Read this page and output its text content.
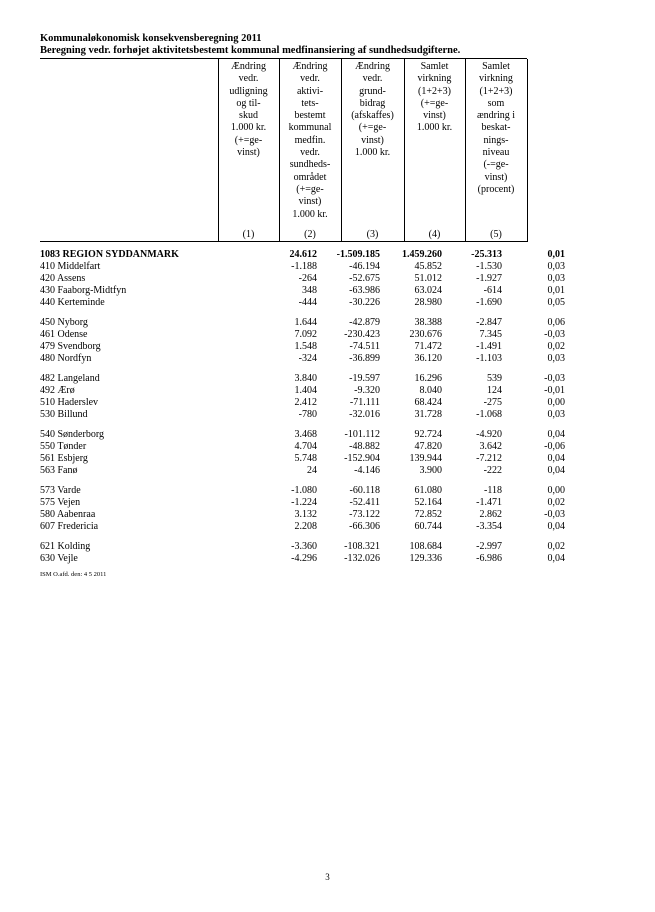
Kommunaløkonomisk konsekvensberegning 2011
Beregning vedr. forhøjet aktivitetsbestemt kommunal medfinansiering af sundhedsudgifterne.
Ændring
vedr.
udligning
og til-
skud
1.000 kr.
(+=ge-
vinst)
Ændring
vedr.
aktivi-
tets-
bestemt
kommunal
medfin.
vedr.
sundheds-
området
(+=ge-
vinst)
1.000 kr.
Ændring
vedr.
grund-
bidrag
(afskaffes)
(+=ge-
vinst)
1.000 kr.
Samlet
virkning
(1+2+3)
(+=ge-
vinst)
1.000 kr.
Samlet
virkning
(1+2+3)
som
ændring i
beskat-
nings-
niveau
(-=ge-
vinst)
(procent)
(1)	(2)	(3)	(4)	(5)
1083 REGION SYDDANMARK	24.612	-1.509.185	1.459.260	-25.313	0,01
410 Middelfart	-1.188	-46.194	45.852	-1.530	0,03
420 Assens	-264	-52.675	51.012	-1.927	0,03
430 Faaborg-Midtfyn	348	-63.986	63.024	-614	0,01
440 Kerteminde	-444	-30.226	28.980	-1.690	0,05

450 Nyborg	1.644	-42.879	38.388	-2.847	0,06
461 Odense	7.092	-230.423	230.676	7.345	-0,03
479 Svendborg	1.548	-74.511	71.472	-1.491	0,02
480 Nordfyn	-324	-36.899	36.120	-1.103	0,03

482 Langeland	3.840	-19.597	16.296	539	-0,03
492 Ærø	1.404	-9.320	8.040	124	-0,01
510 Haderslev	2.412	-71.111	68.424	-275	0,00
530 Billund	-780	-32.016	31.728	-1.068	0,03

540 Sønderborg	3.468	-101.112	92.724	-4.920	0,04
550 Tønder	4.704	-48.882	47.820	3.642	-0,06
561 Esbjerg	5.748	-152.904	139.944	-7.212	0,04
563 Fanø	24	-4.146	3.900	-222	0,04

573 Varde	-1.080	-60.118	61.080	-118	0,00
575 Vejen	-1.224	-52.411	52.164	-1.471	0,02
580 Aabenraa	3.132	-73.122	72.852	2.862	-0,03
607 Fredericia	2.208	-66.306	60.744	-3.354	0,04

621 Kolding	-3.360	-108.321	108.684	-2.997	0,02
630 Vejle	-4.296	-132.026	129.336	-6.986	0,04
ISM O.afd. den: 4 5 2011
3
